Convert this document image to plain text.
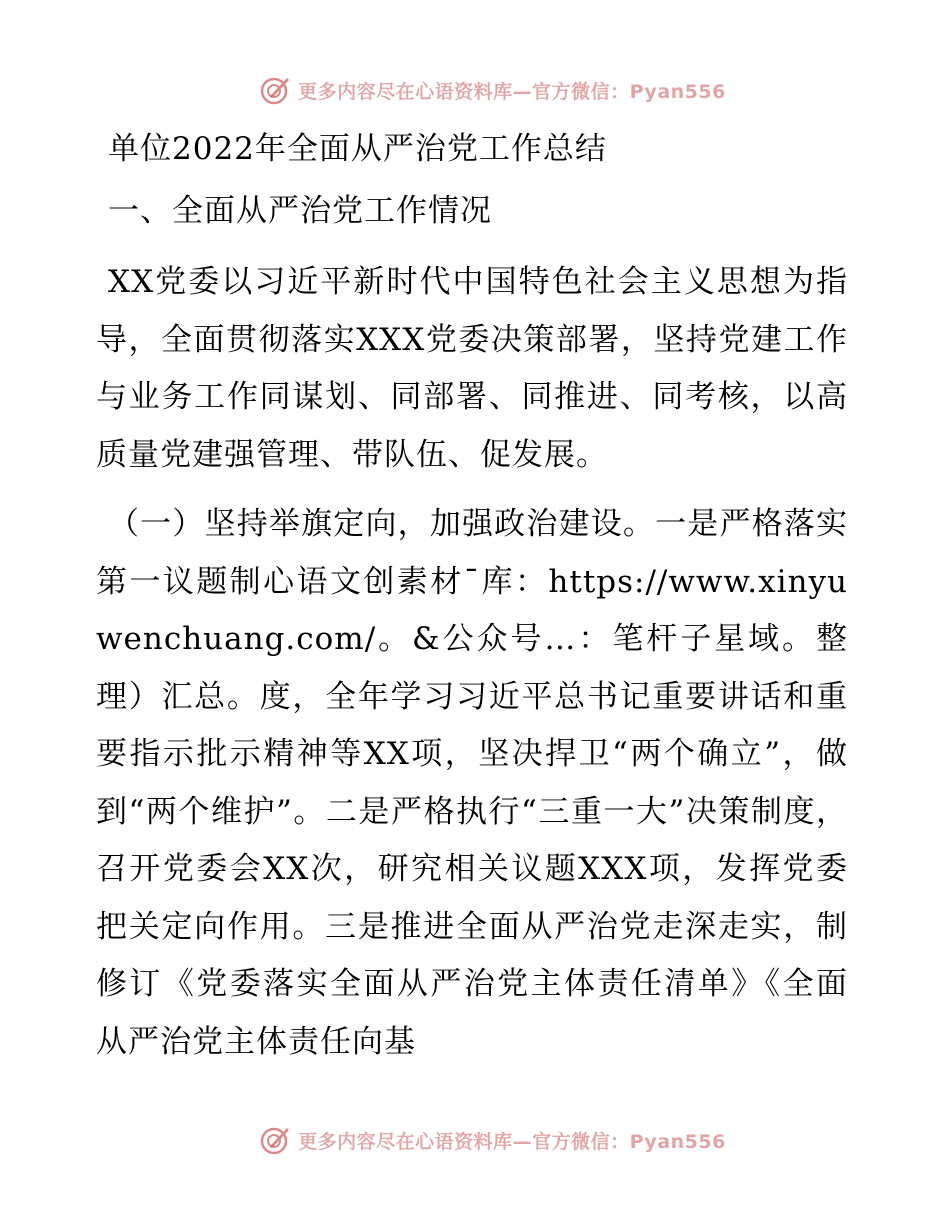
更多内容尽在心语资料库—官方微信：Pyan556
单位2022年全面从严治党工作总结
一、全面从严治党工作情况

XX党委以习近平新时代中国特色社会主义思想为指导，全面贯彻落实XXX党委决策部署，坚持党建工作与业务工作同谋划、同部署、同推进、同考核，以高质量党建强管理、带队伍、促发展。

（一）坚持举旗定向，加强政治建设。一是严格落实第一议题制心语文创素材¯库：https://www.xinyuwenchuang.com/。&公众号…：笔杆子星域。整理）汇总。度，全年学习习近平总书记重要讲话和重要指示批示精神等XX项，坚决捍卫“两个确立”，做到“两个维护”。二是严格执行“三重一大”决策制度，召开党委会XX次，研究相关议题XXX项，发挥党委把关定向作用。三是推进全面从严治党走深走实，制修订《党委落实全面从严治党主体责任清单》《全面从严治党主体责任向基

更多内容尽在心语资料库—官方微信：Pyan556
